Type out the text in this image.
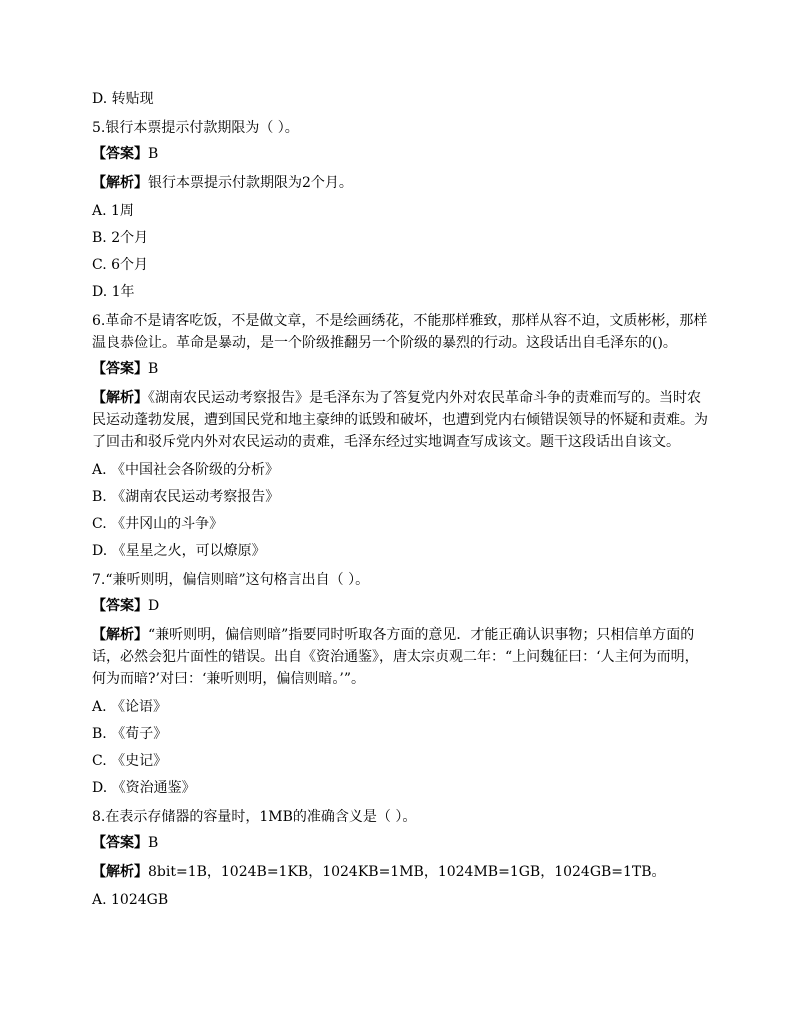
D. 转贴现
5.银行本票提示付款期限为（ ）。
【答案】B
【解析】银行本票提示付款期限为2个月。
A. 1周
B. 2个月
C. 6个月
D. 1年
6.革命不是请客吃饭，不是做文章，不是绘画绣花，不能那样雅致，那样从容不迫，文质彬彬，那样温良恭俭让。革命是暴动，是一个阶级推翻另一个阶级的暴烈的行动。这段话出自毛泽东的()。
【答案】B
【解析】《湖南农民运动考察报告》是毛泽东为了答复党内外对农民革命斗争的责难而写的。当时农民运动蓬勃发展，遭到国民党和地主豪绅的诋毁和破坏，也遭到党内右倾错误领导的怀疑和责难。为了回击和驳斥党内外对农民运动的责难，毛泽东经过实地调查写成该文。题干这段话出自该文。
A. 《中国社会各阶级的分析》
B. 《湖南农民运动考察报告》
C. 《井冈山的斗争》
D. 《星星之火，可以燎原》
7.“兼听则明，偏信则暗”这句格言出自（ ）。
【答案】D
【解析】“兼听则明，偏信则暗”指要同时听取各方面的意见．才能正确认识事物；只相信单方面的话，必然会犯片面性的错误。出自《资治通鉴》，唐太宗贞观二年：“上问魏征曰：‘人主何为而明，何为而暗?’对曰：‘兼听则明，偏信则暗。’”。
A. 《论语》
B. 《荀子》
C. 《史记》
D. 《资治通鉴》
8.在表示存储器的容量时，1MB的准确含义是（ ）。
【答案】B
【解析】8bit=1B，1024B=1KB，1024KB=1MB，1024MB=1GB，1024GB=1TB。
A. 1024GB
